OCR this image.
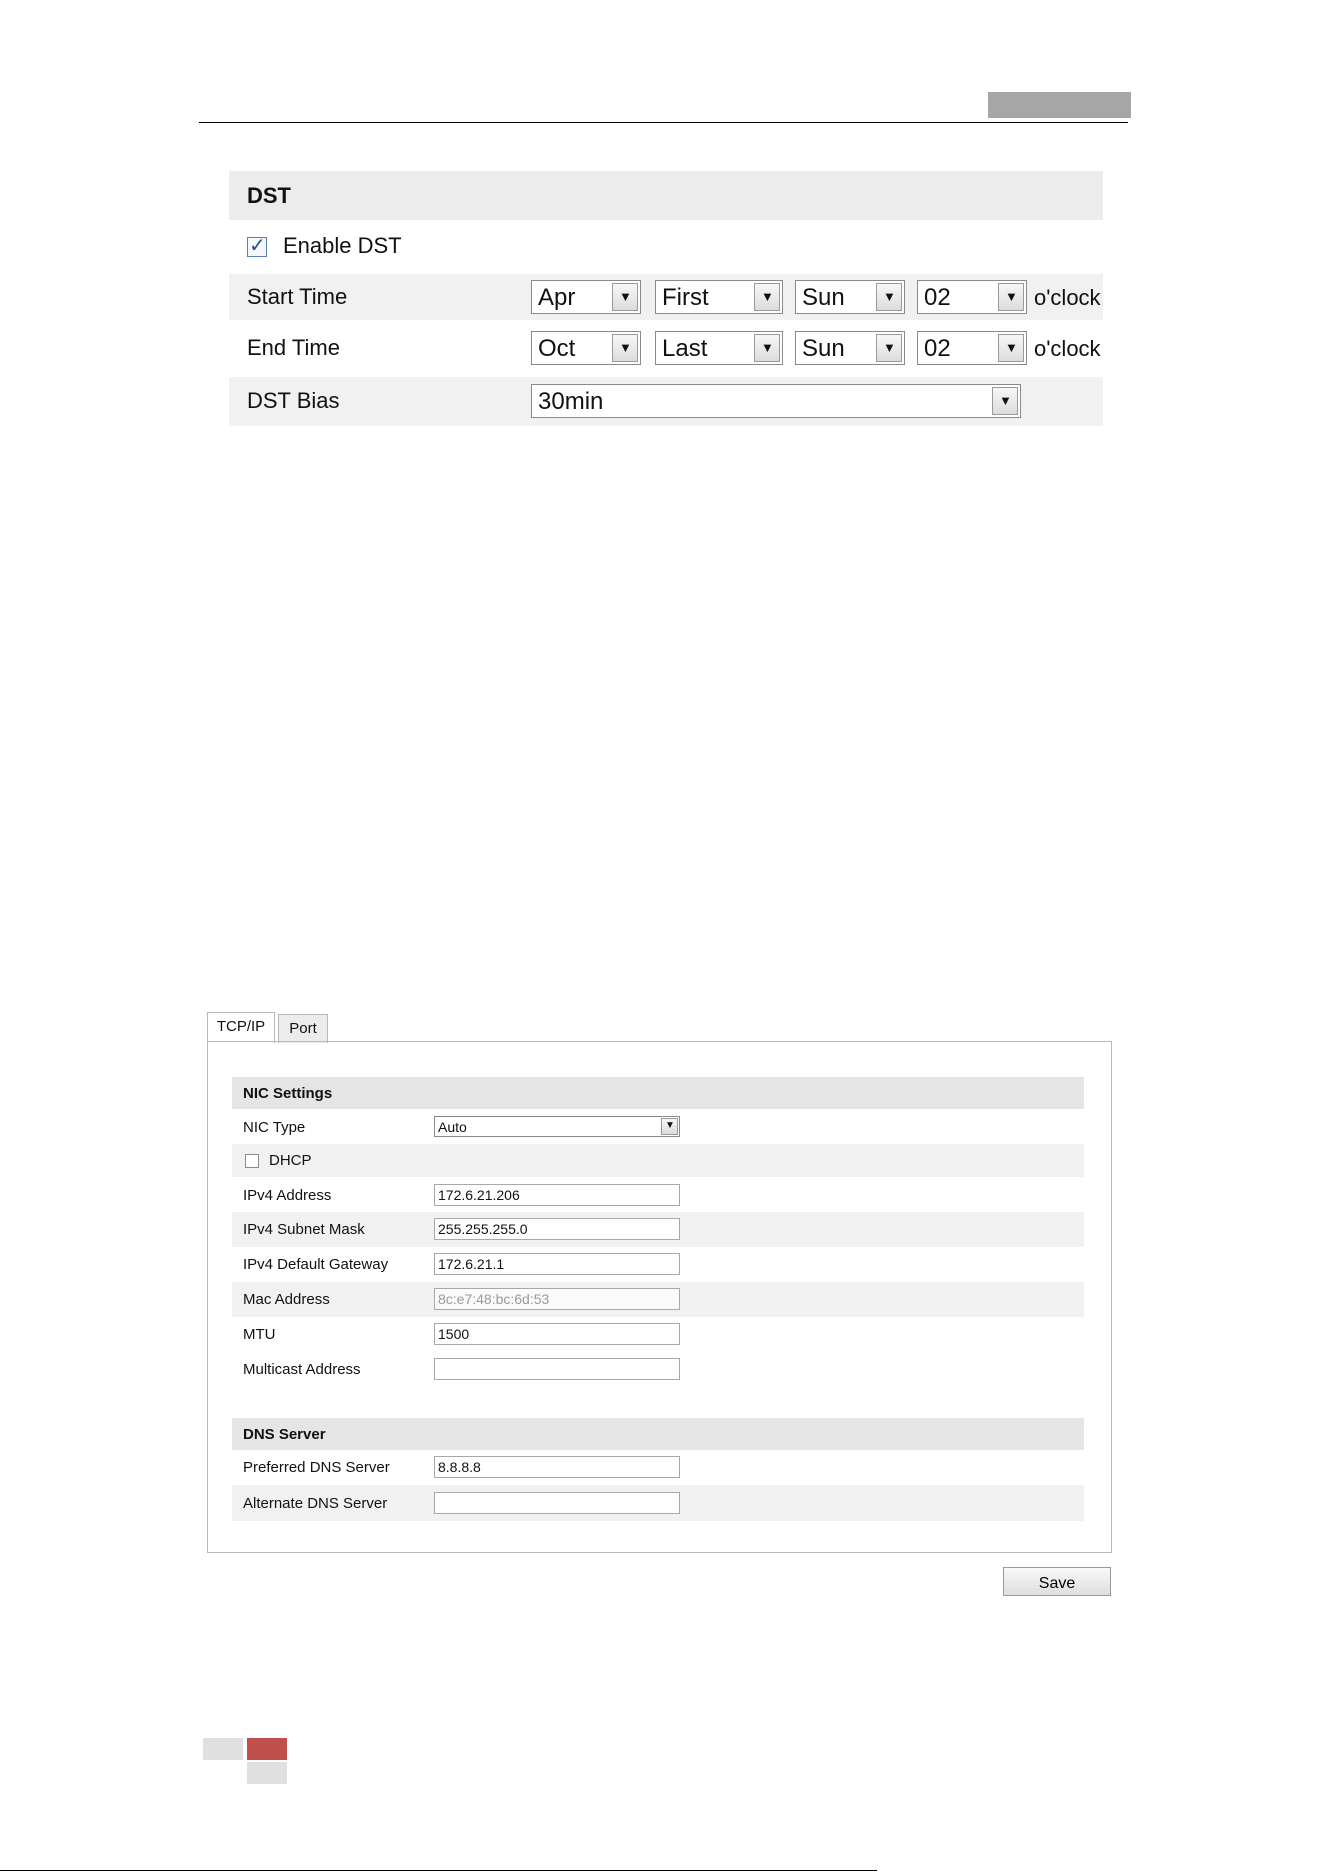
DST
✓ Enable DST
Start Time	Apr	▼ First	▼ Sun	▼ 02	▼ o'clock
End Time	Oct	▼ Last	▼ Sun	▼ 02	▼ o'clock
DST Bias	30min	▼
TCP/IP	Port
NIC Settings
NIC Type	Auto	▼
DHCP
IPv4 Address	172.6.21.206
IPv4 Subnet Mask	255.255.255.0
IPv4 Default Gateway	172.6.21.1
Mac Address	8c:e7:48:bc:6d:53
MTU	1500
Multicast Address
DNS Server
Preferred DNS Server	8.8.8.8
Alternate DNS Server
Save
